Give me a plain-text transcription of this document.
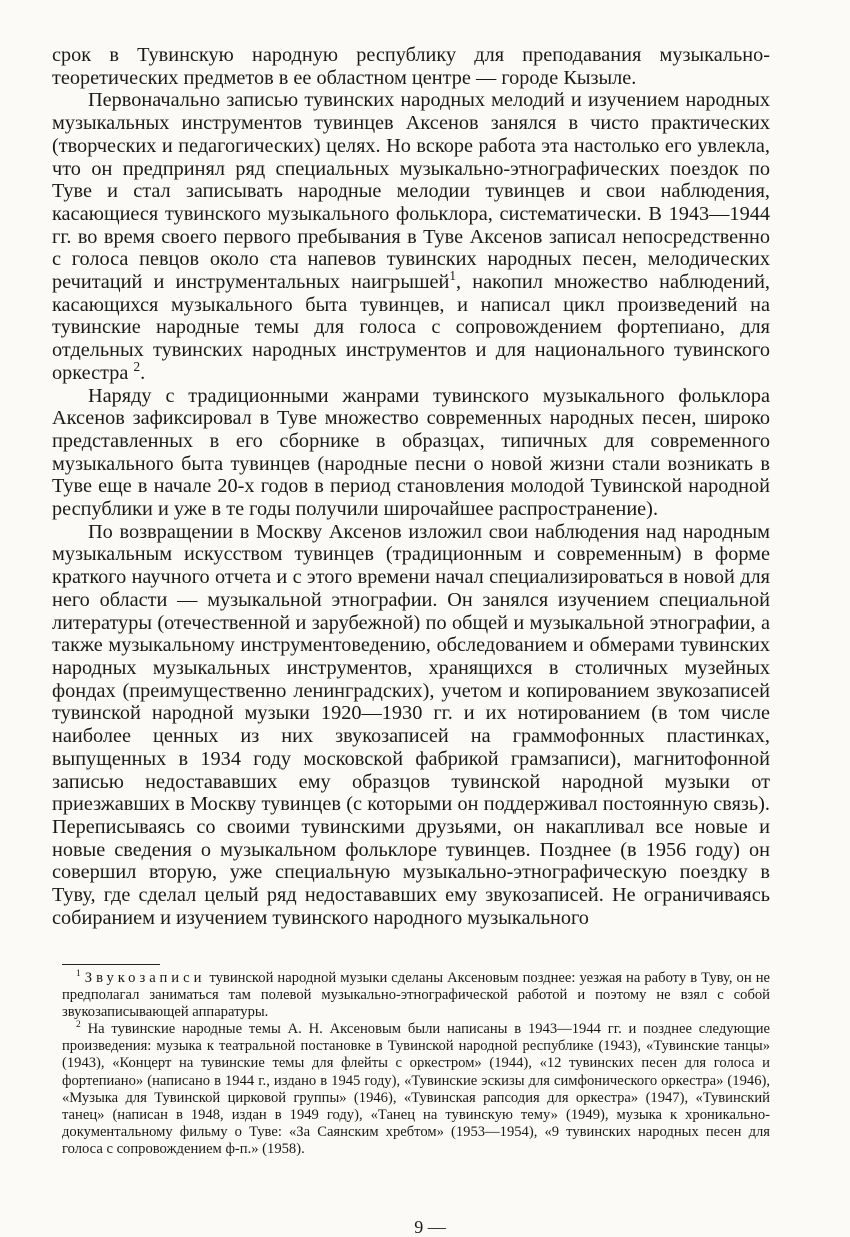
срок в Тувинскую народную республику для преподавания музыкально-теоретических предметов в ее областном центре — городе Кызыле.

Первоначально записью тувинских народных мелодий и изучением народных музыкальных инструментов тувинцев Аксенов занялся в чисто практических (творческих и педагогических) целях. Но вскоре работа эта настолько его увлекла, что он предпринял ряд специальных музыкально-этнографических поездок по Туве и стал записывать народные мелодии тувинцев и свои наблюдения, касающиеся тувинского музыкального фольклора, систематически. В 1943—1944 гг. во время своего первого пребывания в Туве Аксенов записал непосредственно с голоса певцов около ста напевов тувинских народных песен, мелодических речитаций и инструментальных наигрышей$^1$, накопил множество наблюдений, касающихся музыкального быта тувинцев, и написал цикл произведений на тувинские народные темы для голоса с сопровождением фортепиано, для отдельных тувинских народных инструментов и для национального тувинского оркестра $^2$.

Наряду с традиционными жанрами тувинского музыкального фольклора Аксенов зафиксировал в Туве множество современных народных песен, широко представленных в его сборнике в образцах, типичных для современного музыкального быта тувинцев (народные песни о новой жизни стали возникать в Туве еще в начале 20-х годов в период становления молодой Тувинской народной республики и уже в те годы получили широчайшее распространение).

По возвращении в Москву Аксенов изложил свои наблюдения над народным музыкальным искусством тувинцев (традиционным и современным) в форме краткого научного отчета и с этого времени начал специализироваться в новой для него области — музыкальной этнографии. Он занялся изучением специальной литературы (отечественной и зарубежной) по общей и музыкальной этнографии, а также музыкальному инструментоведению, обследованием и обмерами тувинских народных музыкальных инструментов, хранящихся в столичных музейных фондах (преимущественно ленинградских), учетом и копированием звукозаписей тувинской народной музыки 1920—1930 гг. и их нотированием (в том числе наиболее ценных из них звукозаписей на граммофонных пластинках, выпущенных в 1934 году московской фабрикой грамзаписи), магнитофонной записью недостававших ему образцов тувинской народной музыки от приезжавших в Москву тувинцев (с которыми он поддерживал постоянную связь). Переписываясь со своими тувинскими друзьями, он накапливал все новые и новые сведения о музыкальном фольклоре тувинцев. Позднее (в 1956 году) он совершил вторую, уже специальную музыкально-этнографическую поездку в Туву, где сделал целый ряд недостававших ему звукозаписей. Не ограничиваясь собиранием и изучением тувинского народного музыкального

$^1$ Звукозаписи тувинской народной музыки сделаны Аксеновым позднее: уезжая на работу в Туву, он не предполагал заниматься там полевой музыкально-этнографической работой и поэтому не взял с собой звукозаписывающей аппаратуры.

$^2$ На тувинские народные темы А. Н. Аксеновым были написаны в 1943—1944 гг. и позднее следующие произведения: музыка к театральной постановке в Тувинской народной республике (1943), «Тувинские танцы» (1943), «Концерт на тувинские темы для флейты с оркестром» (1944), «12 тувинских песен для голоса и фортепиано» (написано в 1944 г., издано в 1945 году), «Тувинские эскизы для симфонического оркестра» (1946), «Музыка для Тувинской цирковой группы» (1946), «Тувинская рапсодия для оркестра» (1947), «Тувинский танец» (написан в 1948, издан в 1949 году), «Танец на тувинскую тему» (1949), музыка к хроникально-документальному фильму о Туве: «За Саянским хребтом» (1953—1954), «9 тувинских народных песен для голоса с сопровождением ф-п.» (1958).

9 —
